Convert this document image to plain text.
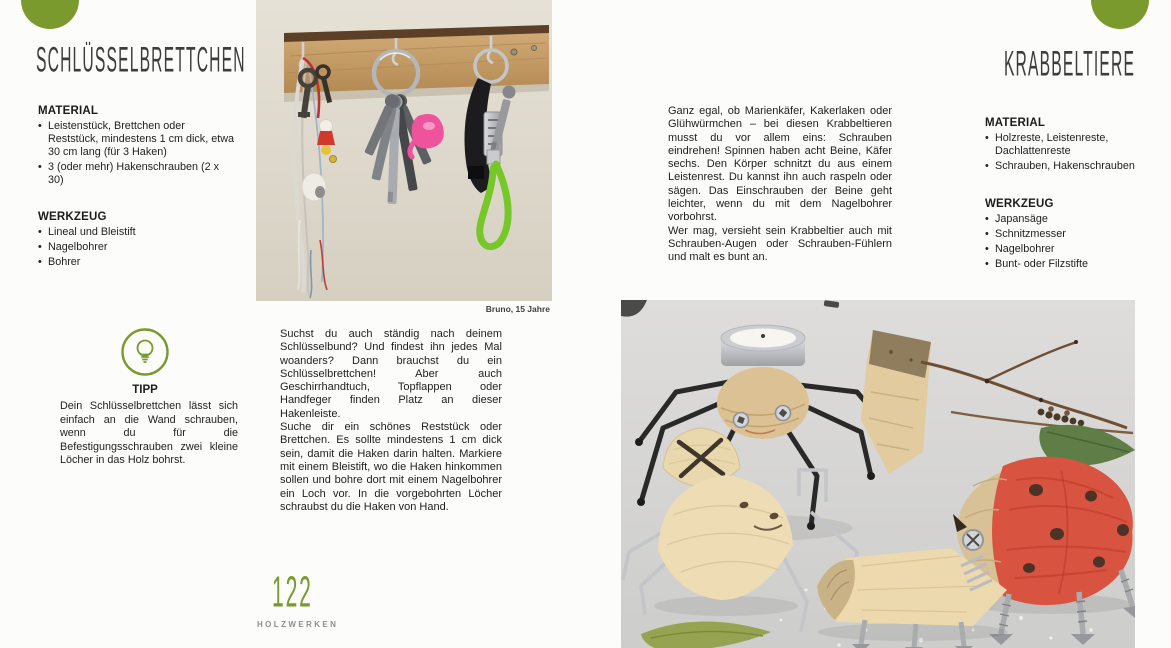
SCHLÜSSELBRETTCHEN
MATERIAL
• Leistenstück, Brettchen oder Reststück, mindestens 1 cm dick, etwa 30 cm lang (für 3 Haken)
• 3 (oder mehr) Hakenschrauben (2 x 30)
WERKZEUG
• Lineal und Bleistift
• Nagelbohrer
• Bohrer
TIPP
Dein Schlüsselbrettchen lässt sich einfach an die Wand schrauben, wenn du für die Befestigungsschrauben zwei kleine Löcher in das Holz bohrst.
Bruno, 15 Jahre

Suchst du auch ständig nach deinem Schlüsselbund? Und findest ihn jedes Mal woanders? Dann brauchst du ein Schlüsselbrettchen! Aber auch Geschirrhandtuch, Topflappen oder Handfeger finden Platz an dieser Hakenleiste.

Suche dir ein schönes Reststück oder Brettchen. Es sollte mindestens 1 cm dick sein, damit die Haken darin halten. Markiere mit einem Bleistift, wo die Haken hinkommen sollen und bohre dort mit einem Nagelbohrer ein Loch vor. In die vorgebohrten Löcher schraubst du die Haken von Hand.

122
HOLZWERKEN
KRABBELTIERE

Ganz egal, ob Marienkäfer, Kakerlaken oder Glühwürmchen – bei diesen Krabbeltieren musst du vor allem eins: Schrauben eindrehen! Spinnen haben acht Beine, Käfer sechs. Den Körper schnitzt du aus einem Leistenrest. Du kannst ihn auch raspeln oder sägen. Das Einschrauben der Beine geht leichter, wenn du mit dem Nagelbohrer vorbohrst.

Wer mag, versieht sein Krabbeltier auch mit Schrauben-Augen oder Schrauben-Fühlern und malt es bunt an.

MATERIAL
• Holzreste, Leistenreste, Dachlattenreste
• Schrauben, Hakenschrauben
WERKZEUG
• Japansäge
• Schnitzmesser
• Nagelbohrer
• Bunt- oder Filzstifte
